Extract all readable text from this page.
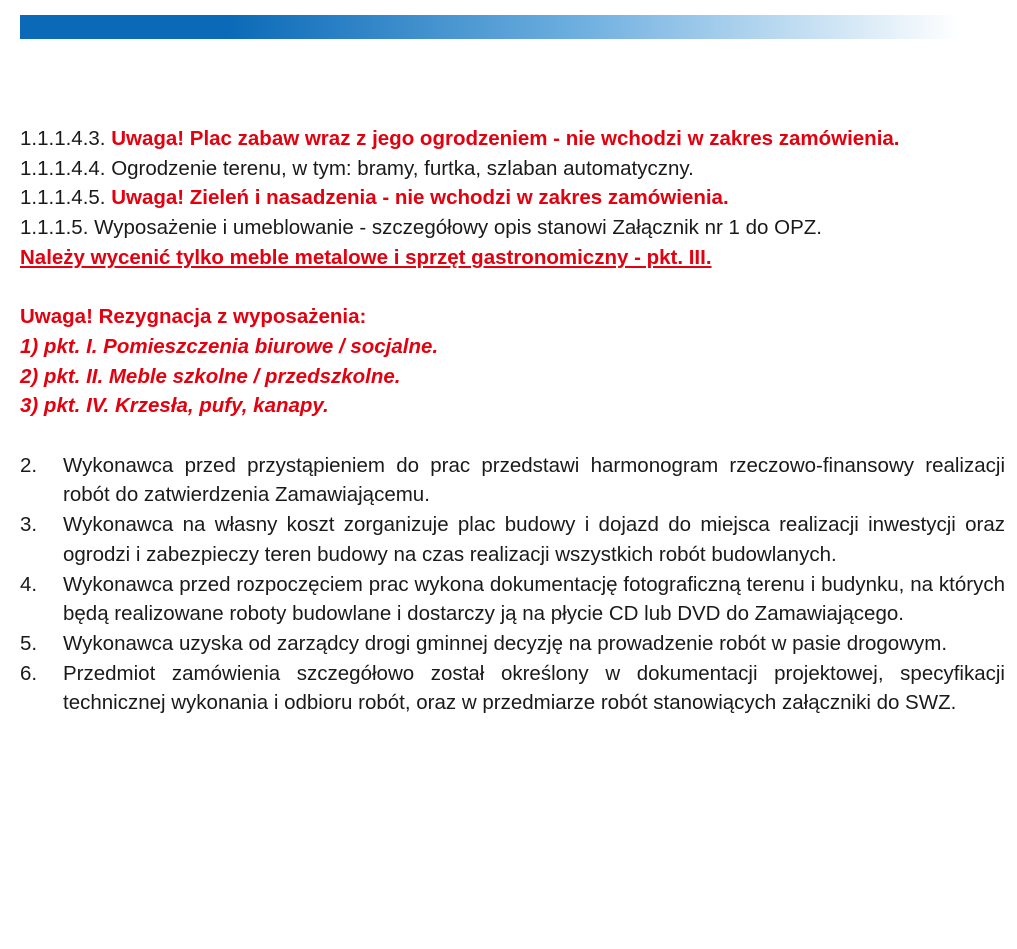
1.1.1.4.3. Uwaga! Plac zabaw wraz z jego ogrodzeniem - nie wchodzi w zakres zamówienia.
1.1.1.4.4. Ogrodzenie terenu, w tym: bramy, furtka, szlaban automatyczny.
1.1.1.4.5. Uwaga! Zieleń i nasadzenia - nie wchodzi w zakres zamówienia.
1.1.1.5. Wyposażenie i umeblowanie - szczegółowy opis stanowi Załącznik nr 1 do OPZ.
Należy wycenić tylko meble metalowe i sprzęt gastronomiczny - pkt. III.
Uwaga! Rezygnacja z wyposażenia:
1) pkt. I. Pomieszczenia biurowe / socjalne.
2) pkt. II. Meble szkolne / przedszkolne.
3) pkt. IV. Krzesła, pufy, kanapy.
2. Wykonawca przed przystąpieniem do prac przedstawi harmonogram rzeczowo-finansowy realizacji robót do zatwierdzenia Zamawiającemu.
3. Wykonawca na własny koszt zorganizuje plac budowy i dojazd do miejsca realizacji inwestycji oraz ogrodzi i zabezpieczy teren budowy na czas realizacji wszystkich robót budowlanych.
4. Wykonawca przed rozpoczęciem prac wykona dokumentację fotograficzną terenu i budynku, na których będą realizowane roboty budowlane i dostarczy ją na płycie CD lub DVD do Zamawiającego.
5. Wykonawca uzyska od zarządcy drogi gminnej decyzję na prowadzenie robót w pasie drogowym.
6. Przedmiot zamówienia szczegółowo został określony w dokumentacji projektowej, specyfikacji technicznej wykonania i odbioru robót, oraz w przedmiarze robót stanowiących załączniki do SWZ.
